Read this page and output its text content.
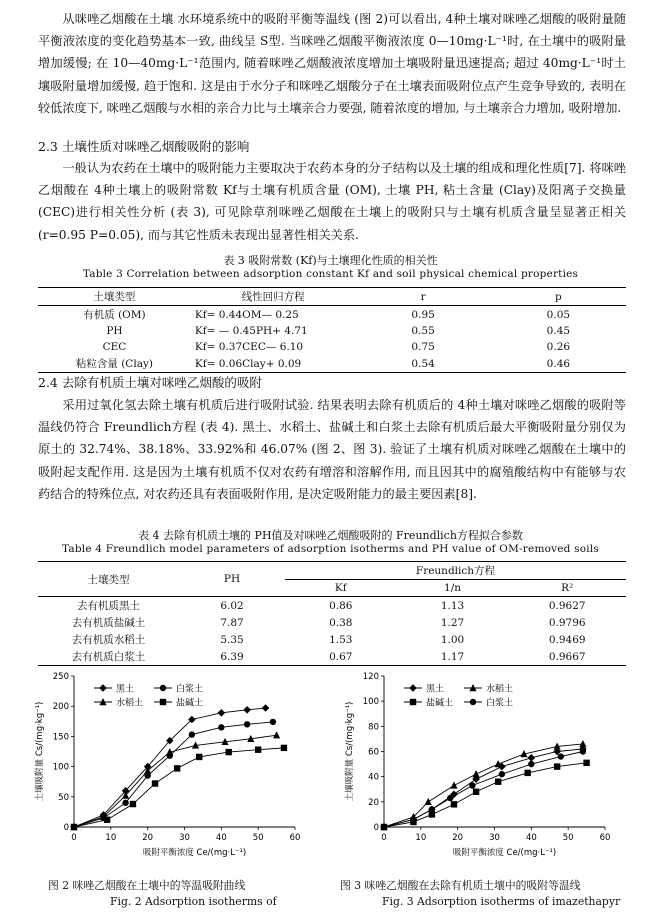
从咪唑乙烟酸在土壤 水环境系统中的吸附平衡等温线 (图 2)可以看出, 4种土壤对咪唑乙烟酸的吸附量随平衡液浓度的变化趋势基本一致, 曲线呈 S型. 当咪唑乙烟酸平衡液浓度 0—10mg·L⁻¹时, 在土壤中的吸附量增加缓慢; 在 10—40mg·L⁻¹范围内, 随着咪唑乙烟酸液浓度增加土壤吸附量迅速提高; 超过 40mg·L⁻¹时土壤吸附量增加缓慢, 趋于饱和. 这是由于水分子和咪唑乙烟酸分子在土壤表面吸附位点产生竞争导致的, 表明在较低浓度下, 咪唑乙烟酸与水相的亲合力比与土壤亲合力要强, 随着浓度的增加, 与土壤亲合力增加, 吸附增加.

2.3 土壤性质对咪唑乙烟酸吸附的影响

一般认为农药在土壤中的吸附能力主要取决于农药本身的分子结构以及土壤的组成和理化性质[7]. 将咪唑乙烟酸在 4种土壤上的吸附常数 Kf与土壤有机质含量 (OM), 土壤 PH, 粘土含量 (Clay)及阳离子交换量 (CEC)进行相关性分析 (表 3), 可见除草剂咪唑乙烟酸在土壤上的吸附只与土壤有机质含量呈显著正相关 (r=0.95 P=0.05), 而与其它性质未表现出显著性相关关系.

表 3 吸附常数 (Kf)与土壤理化性质的相关性

Table 3 Correlation between adsorption constant Kf and soil physical chemical properties

土壤类型	线性回归方程	r	p
有机质 (OM)	Kf= 0.44OM— 0.25	0.95	0.05
PH	Kf= — 0.45PH+ 4.71	0.55	0.45
CEC	Kf= 0.37CEC— 6.10	0.75	0.26
粘粒含量 (Clay)	Kf= 0.06Clay+ 0.09	0.54	0.46

2.4 去除有机质土壤对咪唑乙烟酸的吸附

采用过氧化氢去除土壤有机质后进行吸附试验. 结果表明去除有机质后的 4种土壤对咪唑乙烟酸的吸附等温线仍符合 Freundlich方程 (表 4). 黑土、水稻土、盐碱土和白浆土去除有机质后最大平衡吸附量分别仅为原土的 32.74%、38.18%、33.92%和 46.07% (图 2、图 3). 验证了土壤有机质对咪唑乙烟酸在土壤中的吸附起支配作用. 这是因为土壤有机质不仅对农药有增溶和溶解作用, 而且因其中的腐殖酸结构中有能够与农药结合的特殊位点, 对农药还具有表面吸附作用, 是决定吸附能力的最主要因素[8].

表 4 去除有机质土壤的 PH值及对咪唑乙烟酸吸附的 Freundlich方程拟合参数

Table 4 Freundlich model parameters of adsorption isotherms and PH value of OM-removed soils

土壤类型	PH	Freundlich方程		
		Kf	1/n	R²
去有机质黑土	6.02	0.86	1.13	0.9627
去有机质盐碱土	7.87	0.38	1.27	0.9796
去有机质水稻土	5.35	1.53	1.00	0.9469
去有机质白浆土	6.39	0.67	1.17	0.9667
0	10	20	30	40	50	60
0
50
100
150
200
250
吸附平衡浓度 Ce/(mg·L⁻¹)
土壤吸附量 Cs/(mg·kg⁻¹)
黑土	白浆土
水稻土	盐碱土
0	10	20	30	40	50	60
0
20
40
60
80
100
120
吸附平衡浓度 Ce/(mg·L⁻¹)
土壤吸附量 Cs/(mg·kg⁻¹)
黑土	水稻土
盐碱土	白浆土

图 2 咪唑乙烟酸在土壤中的等温吸附曲线

Fig. 2 Adsorption isotherms of

图 3 咪唑乙烟酸在去除有机质土壤中的吸附等温线

Fig. 3 Adsorption isotherms of imazethapyr
